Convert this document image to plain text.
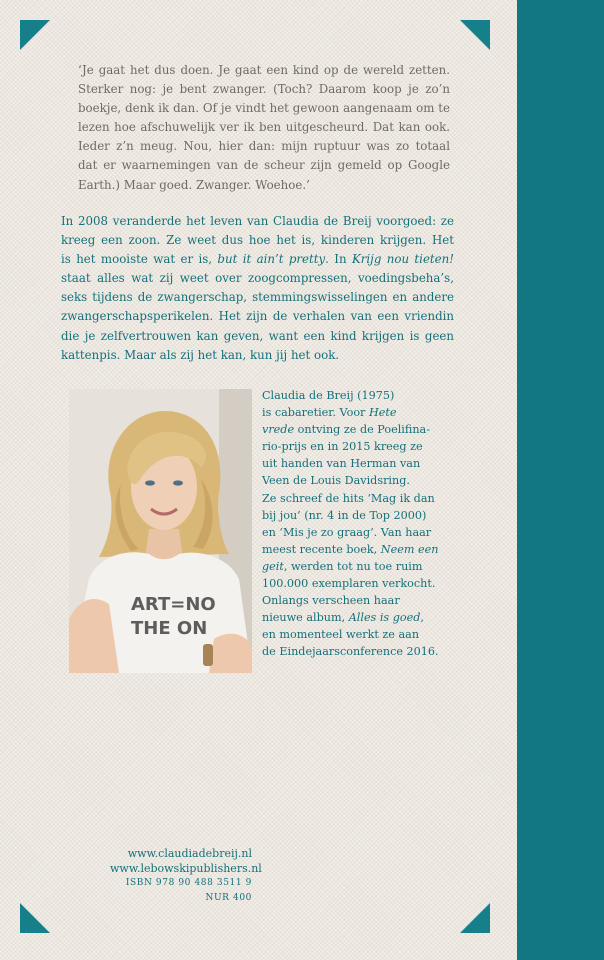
‘Je gaat het dus doen. Je gaat een kind op de wereld zetten.
Sterker nog: je bent zwanger. (Toch? Daarom koop je zo’n
boekje, denk ik dan. Of je vindt het gewoon aangenaam om te
lezen hoe afschuwelijk ver ik ben uitgescheurd. Dat kan ook.
Ieder z’n meug. Nou, hier dan: mijn ruptuur was zo totaal
dat er waarnemingen van de scheur zijn gemeld op Google
Earth.) Maar goed. Zwanger. Woehoe.’

In 2008 veranderde het leven van Claudia de Breij voorgoed: ze
kreeg een zoon. Ze weet dus hoe het is, kinderen krijgen. Het
is het mooiste wat er is, but it ain’t pretty. In Krijg nou tieten!
staat alles wat zij weet over zoogcompressen, voedingsbeha’s,
seks tijdens de zwangerschap, stemmingswisselingen en andere
zwangerschapsperikelen. Het zijn de verhalen van een vriendin
die je zelfvertrouwen kan geven, want een kind krijgen is geen
kattenpis. Maar als zij het kan, kun jij het ook.

ART=NO
THE ON

Claudia de Breij (1975)
is cabaretier. Voor Hete
vrede ontving ze de Poelifina-
rio-prijs en in 2015 kreeg ze
uit handen van Herman van
Veen de Louis Davidsring.
Ze schreef de hits ‘Mag ik dan
bij jou’ (nr. 4 in de Top 2000)
en ‘Mis je zo graag’. Van haar
meest recente boek, Neem een
geit, werden tot nu toe ruim
100.000 exemplaren verkocht.
Onlangs verscheen haar
nieuwe album, Alles is goed,
en momenteel werkt ze aan
de Eindejaarsconference 2016.

www.claudiadebreij.nl
www.lebowskipublishers.nl
ISBN 978 90 488 3511 9
NUR 400
